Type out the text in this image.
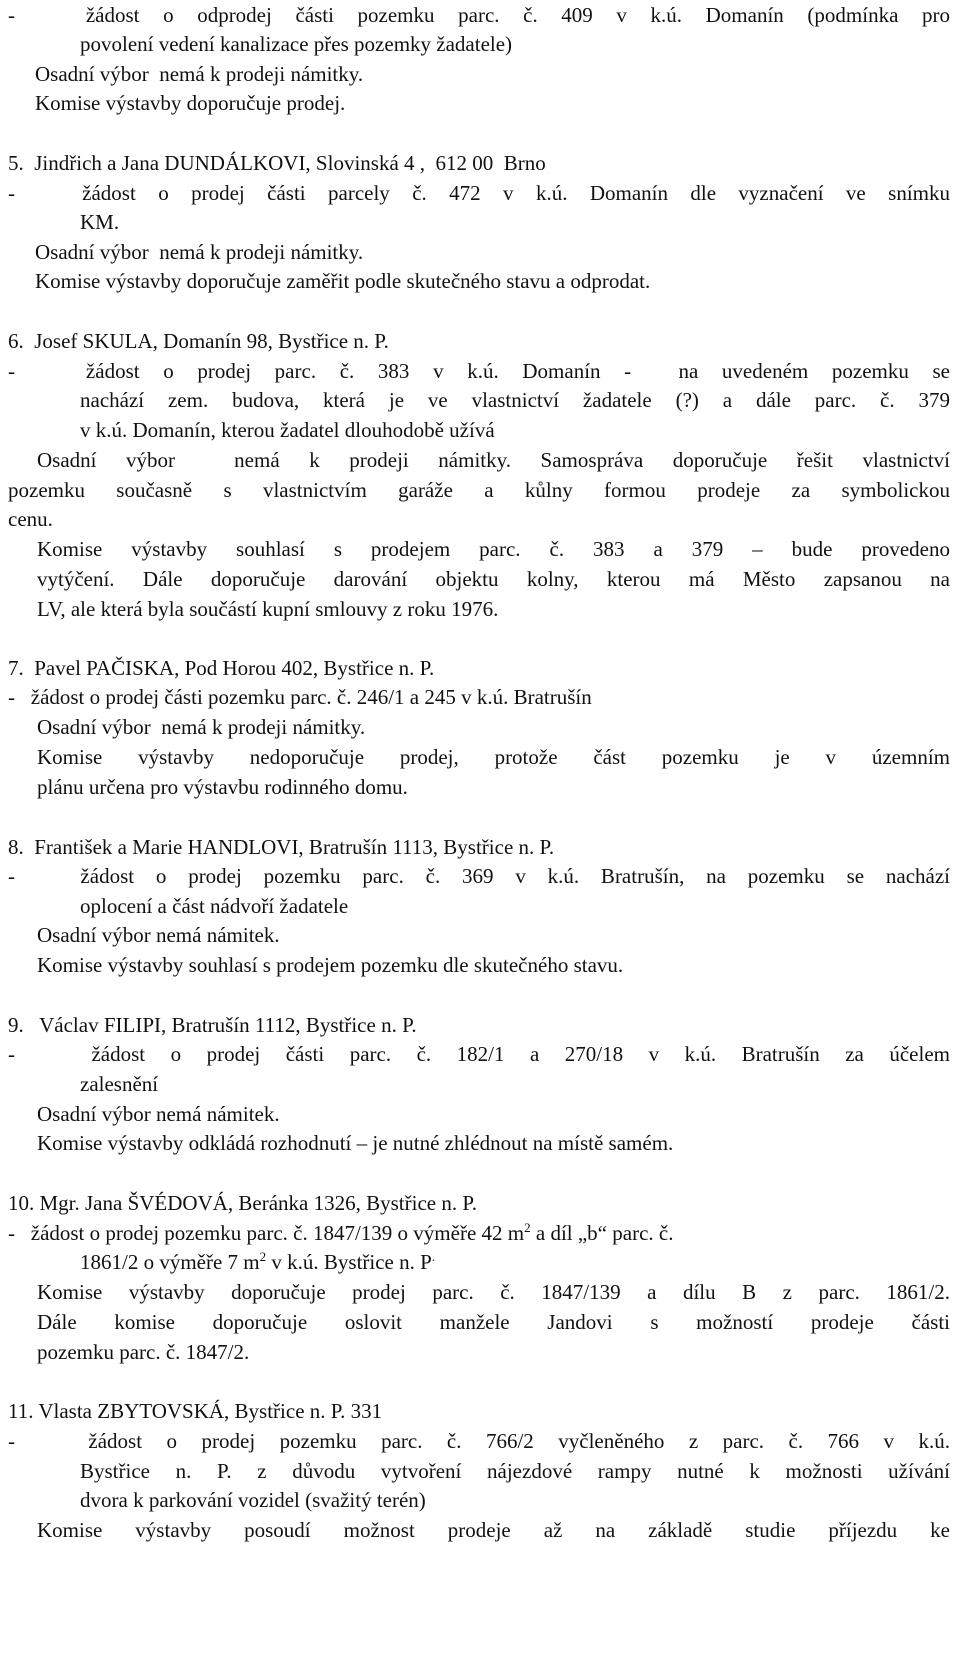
-   žádost o odprodej části pozemku parc. č. 409 v k.ú. Domanín (podmínka pro
povolení vedení kanalizace přes pozemky žadatele)
Osadní výbor  nemá k prodeji námitky.
Komise výstavby doporučuje prodej.
5.  Jindřich a Jana DUNDÁLKOVI, Slovinská 4 ,  612 00  Brno
-   žádost o prodej části parcely č. 472 v k.ú. Domanín dle vyznačení ve snímku
KM.
Osadní výbor  nemá k prodeji námitky.
Komise výstavby doporučuje zaměřit podle skutečného stavu a odprodat.
6.  Josef SKULA, Domanín 98, Bystřice n. P.
-   žádost o prodej parc. č. 383 v k.ú. Domanín -  na uvedeném pozemku se
nachází zem. budova, která je ve vlastnictví žadatele (?) a dále parc. č. 379
v k.ú. Domanín, kterou žadatel dlouhodobě užívá
Osadní výbor  nemá k prodeji námitky. Samospráva doporučuje řešit vlastnictví
pozemku současně s vlastnictvím garáže a kůlny formou prodeje za symbolickou
cenu.
Komise výstavby souhlasí s prodejem parc. č. 383 a 379 – bude provedeno
vytýčení. Dále doporučuje darování objektu kolny, kterou má Město zapsanou na
LV, ale která byla součástí kupní smlouvy z roku 1976.
7.  Pavel PAČISKA, Pod Horou 402, Bystřice n. P.
-   žádost o prodej části pozemku parc. č. 246/1 a 245 v k.ú. Bratrušín
Osadní výbor  nemá k prodeji námitky.
Komise výstavby nedoporučuje prodej, protože část pozemku je v územním
plánu určena pro výstavbu rodinného domu.
8.  František a Marie HANDLOVI, Bratrušín 1113, Bystřice n. P.
-   žádost o prodej pozemku parc. č. 369 v k.ú. Bratrušín, na pozemku se nachází
oplocení a část nádvoří žadatele
Osadní výbor nemá námitek.
Komise výstavby souhlasí s prodejem pozemku dle skutečného stavu.
9.   Václav FILIPI, Bratrušín 1112, Bystřice n. P.
-   žádost o prodej části parc. č. 182/1 a 270/18 v k.ú. Bratrušín za účelem
zalesnění
Osadní výbor nemá námitek.
Komise výstavby odkládá rozhodnutí – je nutné zhlédnout na místě samém.
10. Mgr. Jana ŠVÉDOVÁ, Beránka 1326, Bystřice n. P.
-   žádost o prodej pozemku parc. č. 1847/139 o výměře 42 $m^2$ a díl „b“ parc. č.
1861/2 o výměře 7 $m^2$ v k.ú. Bystřice n. P.
Komise výstavby doporučuje prodej parc. č. 1847/139 a dílu B z parc. 1861/2.
Dále komise doporučuje oslovit manžele Jandovi s možností prodeje části
pozemku parc. č. 1847/2.
11. Vlasta ZBYTOVSKÁ, Bystřice n. P. 331
-   žádost o prodej pozemku parc. č. 766/2 vyčleněného z parc. č. 766 v k.ú.
Bystřice n. P. z důvodu vytvoření nájezdové rampy nutné k možnosti užívání
dvora k parkování vozidel (svažitý terén)
Komise výstavby posoudí možnost prodeje až na základě studie příjezdu ke
